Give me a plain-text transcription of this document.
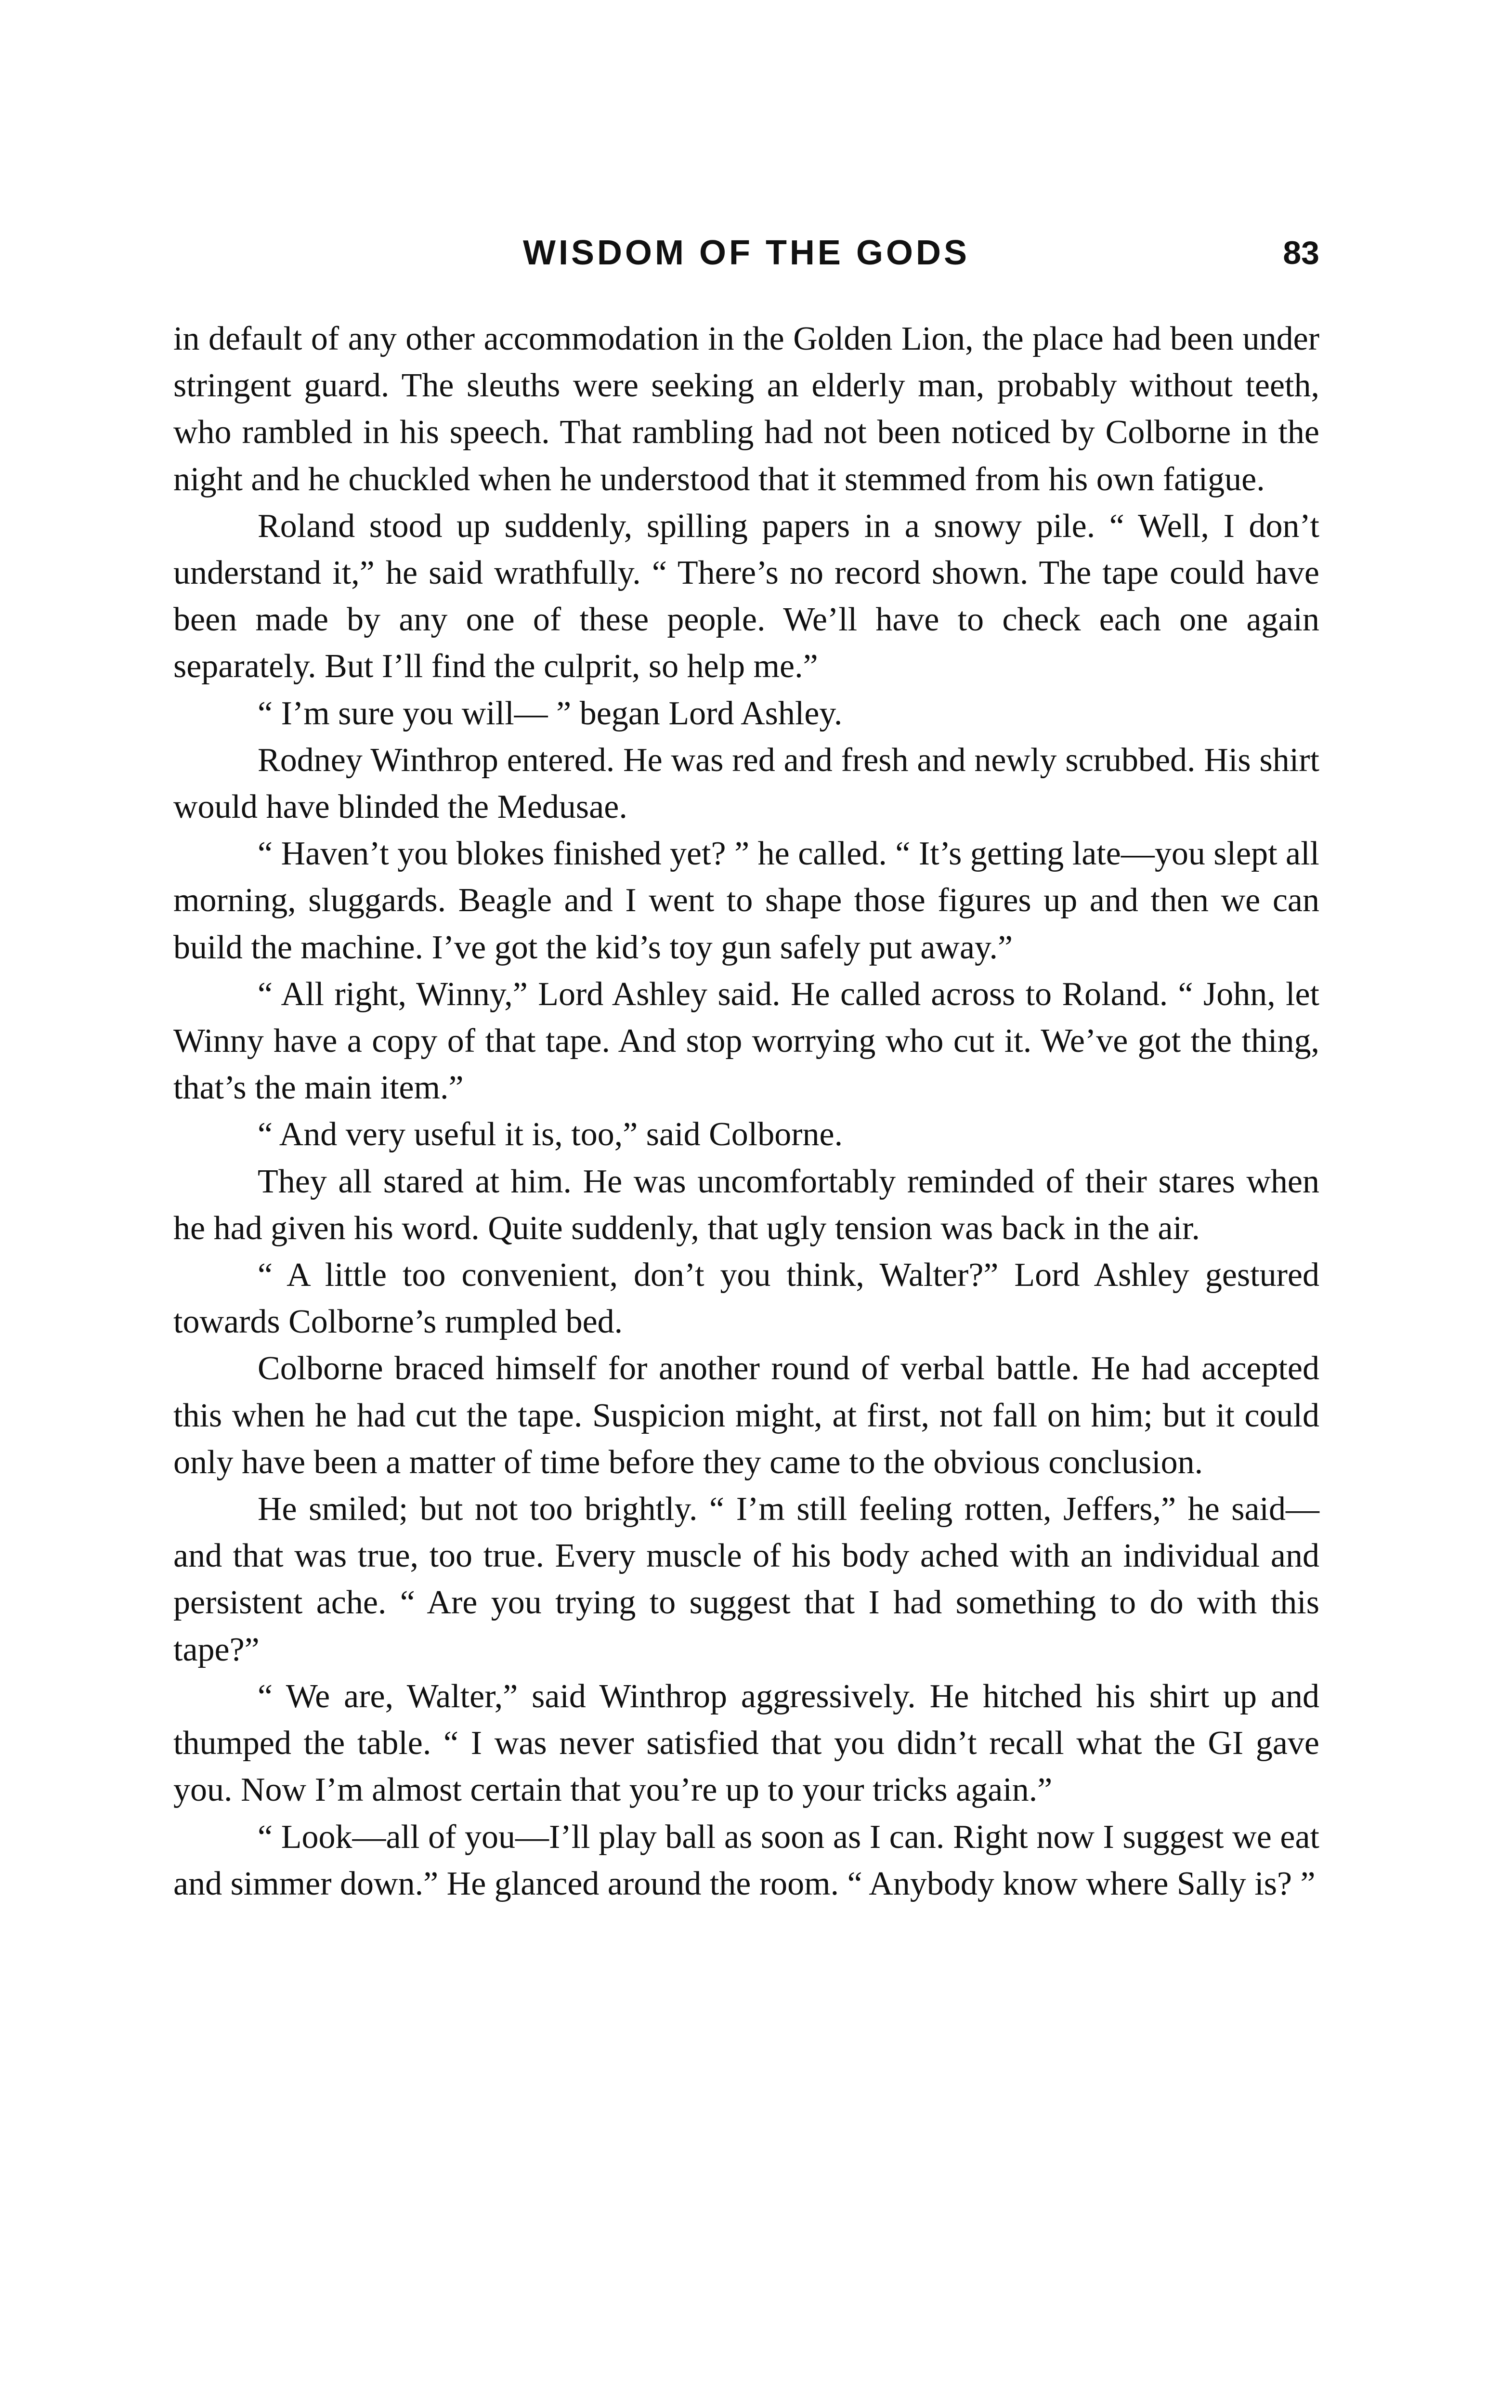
WISDOM OF THE GODS	83

in default of any other accommodation in the Golden Lion, the place had been under stringent guard. The sleuths were seeking an elderly man, probably without teeth, who rambled in his speech. That rambling had not been noticed by Colborne in the night and he chuckled when he understood that it stemmed from his own fatigue.

Roland stood up suddenly, spilling papers in a snowy pile. “ Well, I don’t understand it,” he said wrathfully. “ There’s no record shown. The tape could have been made by any one of these people. We’ll have to check each one again separately. But I’ll find the culprit, so help me.”

“ I’m sure you will— ” began Lord Ashley.

Rodney Winthrop entered. He was red and fresh and newly scrubbed. His shirt would have blinded the Medusae.

“ Haven’t you blokes finished yet? ” he called. “ It’s getting late—you slept all morning, sluggards. Beagle and I went to shape those figures up and then we can build the machine. I’ve got the kid’s toy gun safely put away.”

“ All right, Winny,” Lord Ashley said. He called across to Roland. “ John, let Winny have a copy of that tape. And stop worrying who cut it. We’ve got the thing, that’s the main item.”

“ And very useful it is, too,” said Colborne.

They all stared at him. He was uncomfortably reminded of their stares when he had given his word. Quite suddenly, that ugly tension was back in the air.

“ A little too convenient, don’t you think, Walter?” Lord Ashley gestured towards Colborne’s rumpled bed.

Colborne braced himself for another round of verbal battle. He had accepted this when he had cut the tape. Suspicion might, at first, not fall on him; but it could only have been a matter of time before they came to the obvious conclusion.

He smiled; but not too brightly. “ I’m still feeling rotten, Jeffers,” he said—and that was true, too true. Every muscle of his body ached with an individual and persistent ache. “ Are you trying to suggest that I had something to do with this tape?”

“ We are, Walter,” said Winthrop aggressively. He hitched his shirt up and thumped the table. “ I was never satisfied that you didn’t recall what the GI gave you. Now I’m almost certain that you’re up to your tricks again.”

“ Look—all of you—I’ll play ball as soon as I can. Right now I suggest we eat and simmer down.” He glanced around the room. “ Anybody know where Sally is? ”
